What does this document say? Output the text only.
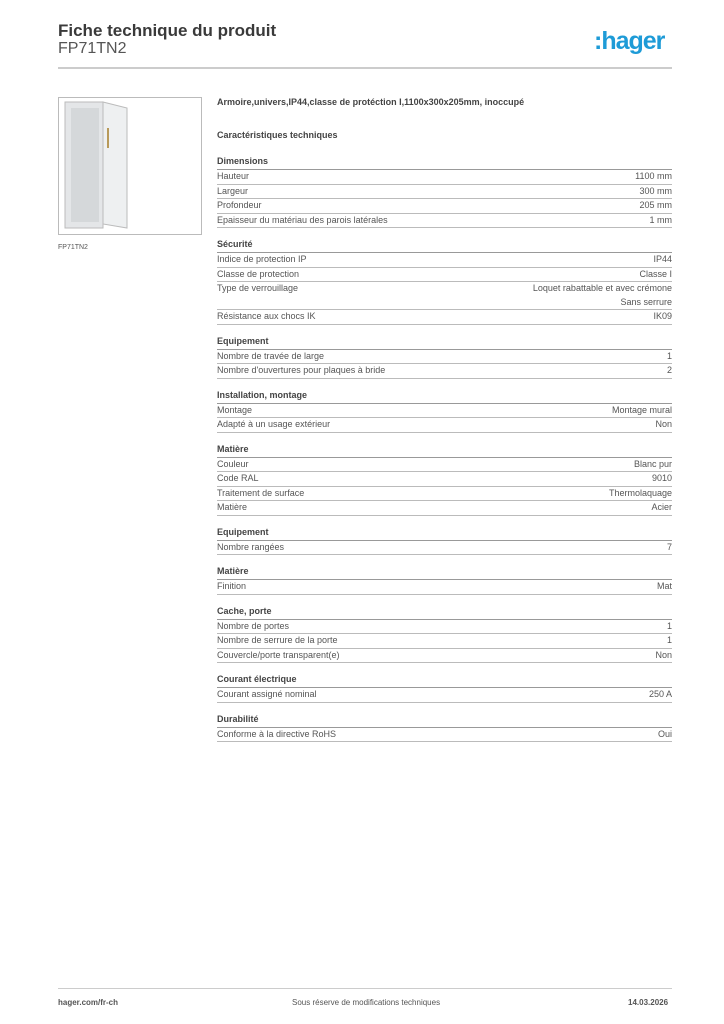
Fiche technique du produit
FP71TN2	:hager
FP71TN2
Armoire,univers,IP44,classe de protéction I,1100x300x205mm, inoccupé
Caractéristiques techniques
Dimensions
Hauteur	1100 mm
Largeur	300 mm
Profondeur	205 mm
Epaisseur du matériau des parois latérales	1 mm
Sécurité
Indice de protection IP	IP44
Classe de protection	Classe I
Type de verrouillage	Loquet rabattable et avec crémone
Sans serrure
Résistance aux chocs IK	IK09
Equipement
Nombre de travée de large	1
Nombre d'ouvertures pour plaques à bride	2
Installation, montage
Montage	Montage mural
Adapté à un usage extérieur	Non
Matière
Couleur	Blanc pur
Code RAL	9010
Traitement de surface	Thermolaquage
Matière	Acier
Equipement
Nombre rangées	7
Matière
Finition	Mat
Cache, porte
Nombre de portes	1
Nombre de serrure de la porte	1
Couvercle/porte transparent(e)	Non
Courant électrique
Courant assigné nominal	250 A
Durabilité
Conforme à la directive RoHS	Oui
hager.com/fr-ch	Sous réserve de modifications techniques	14.03.2026
